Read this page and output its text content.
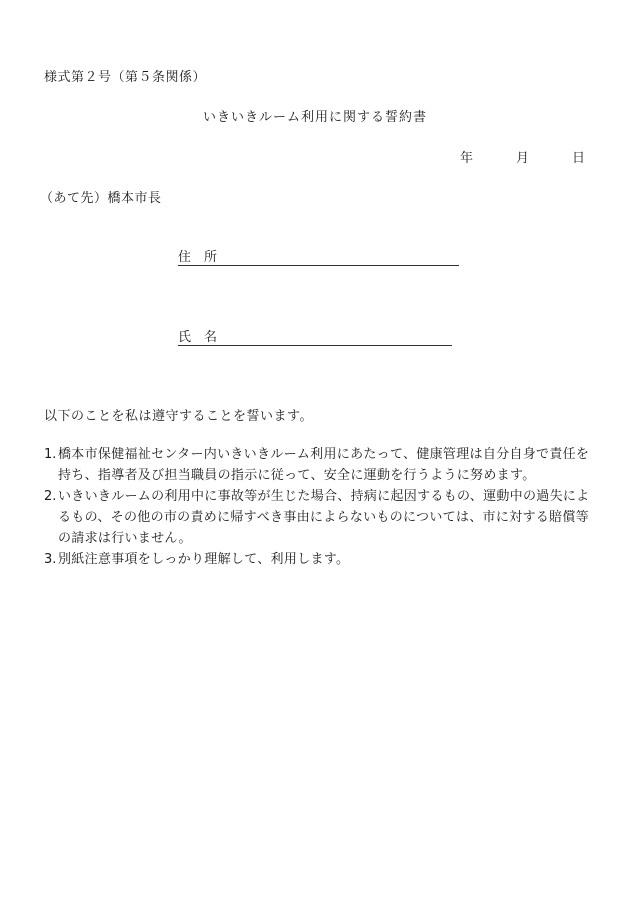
様式第２号（第５条関係）
いきいきルーム利用に関する誓約書
年	月	日
（あて先）橋本市長
住所
氏名
以下のことを私は遵守することを誓います。
1. 橋本市保健福祉センター内いきいきルーム利用にあたって、健康管理は自分自身で責任を持ち、指導者及び担当職員の指示に従って、安全に運動を行うように努めます。
2. いきいきルームの利用中に事故等が生じた場合、持病に起因するもの、運動中の過失によるもの、その他の市の責めに帰すべき事由によらないものについては、市に対する賠償等の請求は行いません。
3. 別紙注意事項をしっかり理解して、利用します。
